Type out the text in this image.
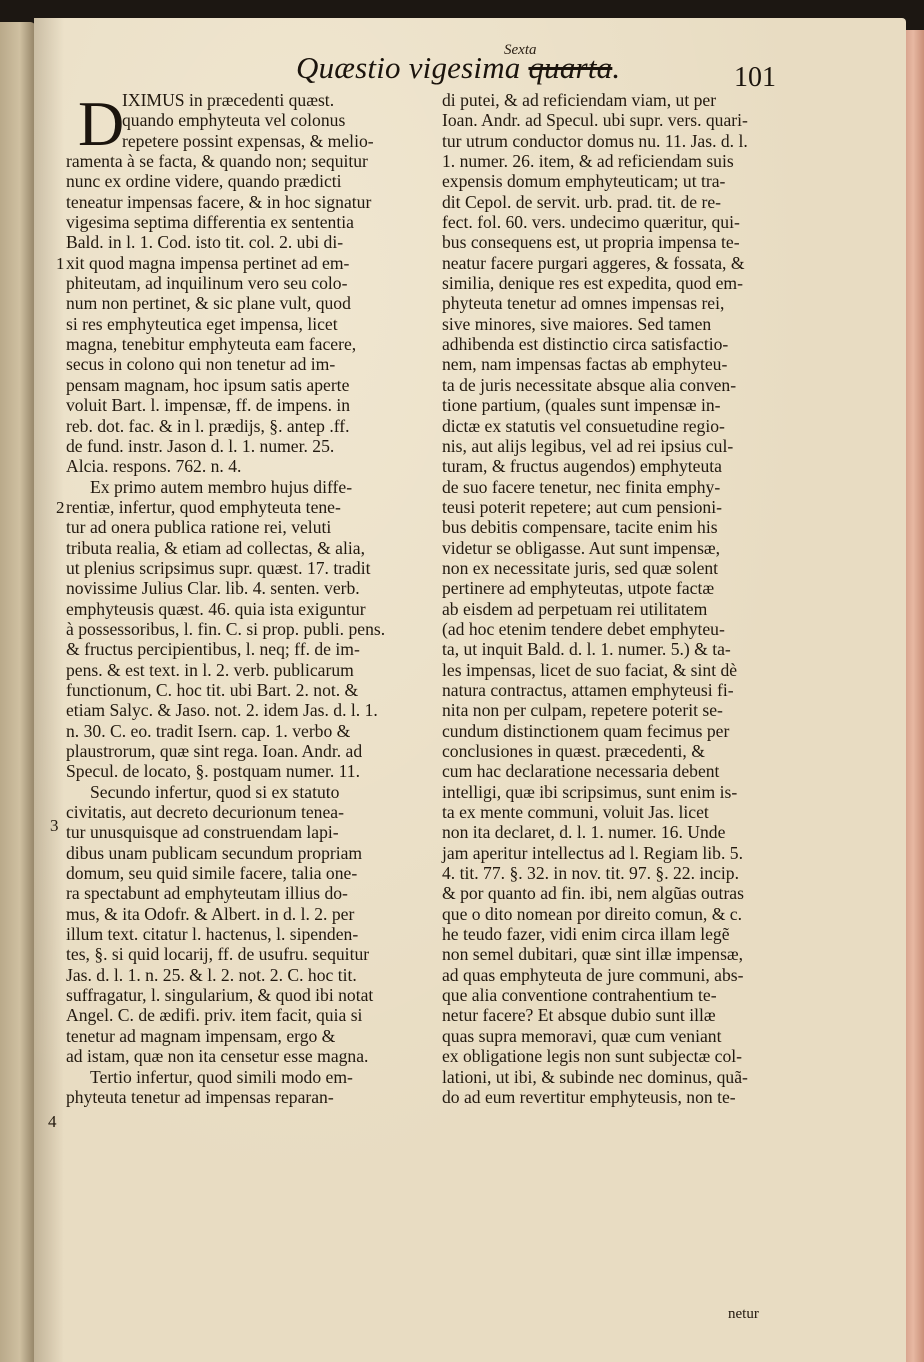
Quæstio vigesima quarta.
Sexta
101
D
1
2
3
4
IXIMUS in præcedenti quæst.
quando emphyteuta vel colonus
repetere possint expensas, & melio-
ramenta à se facta, & quando non; sequitur
nunc ex ordine videre, quando prædicti
teneatur impensas facere, & in hoc signatur
vigesima septima differentia ex sententia
Bald. in l. 1. Cod. isto tit. col. 2. ubi di-
xit quod magna impensa pertinet ad em-
phiteutam, ad inquilinum vero seu colo-
num non pertinet, & sic plane vult, quod
si res emphyteutica eget impensa, licet
magna, tenebitur emphyteuta eam facere,
secus in colono qui non tenetur ad im-
pensam magnam, hoc ipsum satis aperte
voluit Bart. l. impensæ, ff. de impens. in
reb. dot. fac. & in l. prædijs, §. antep .ff.
de fund. instr. Jason d. l. 1. numer. 25.
Alcia. respons. 762. n. 4.
Ex primo autem membro hujus diffe-
rentiæ, infertur, quod emphyteuta tene-
tur ad onera publica ratione rei, veluti
tributa realia, & etiam ad collectas, & alia,
ut plenius scripsimus supr. quæst. 17. tradit
novissime Julius Clar. lib. 4. senten. verb.
emphyteusis quæst. 46. quia ista exiguntur
à possessoribus, l. fin. C. si prop. publi. pens.
& fructus percipientibus, l. neq; ff. de im-
pens. & est text. in l. 2. verb. publicarum
functionum, C. hoc tit. ubi Bart. 2. not. &
etiam Salyc. & Jaso. not. 2. idem Jas. d. l. 1.
n. 30. C. eo. tradit Isern. cap. 1. verbo &
plaustrorum, quæ sint rega. Ioan. Andr. ad
Specul. de locato, §. postquam numer. 11.
Secundo infertur, quod si ex statuto
civitatis, aut decreto decurionum tenea-
tur unusquisque ad construendam lapi-
dibus unam publicam secundum propriam
domum, seu quid simile facere, talia one-
ra spectabunt ad emphyteutam illius do-
mus, & ita Odofr. & Albert. in d. l. 2. per
illum text. citatur l. hactenus, l. sipenden-
tes, §. si quid locarij, ff. de usufru. sequitur
Jas. d. l. 1. n. 25. & l. 2. not. 2. C. hoc tit.
suffragatur, l. singularium, & quod ibi notat
Angel. C. de ædifi. priv. item facit, quia si
tenetur ad magnam impensam, ergo &
ad istam, quæ non ita censetur esse magna.
Tertio infertur, quod simili modo em-
phyteuta tenetur ad impensas reparan-
di putei, & ad reficiendam viam, ut per
Ioan. Andr. ad Specul. ubi supr. vers. quari-
tur utrum conductor domus nu. 11. Jas. d. l.
1. numer. 26. item, & ad reficiendam suis
expensis domum emphyteuticam; ut tra-
dit Cepol. de servit. urb. prad. tit. de re-
fect. fol. 60. vers. undecimo quæritur, qui-
bus consequens est, ut propria impensa te-
neatur facere purgari aggeres, & fossata, &
similia, denique res est expedita, quod em-
phyteuta tenetur ad omnes impensas rei,
sive minores, sive maiores. Sed tamen
adhibenda est distinctio circa satisfactio-
nem, nam impensas factas ab emphyteu-
ta de juris necessitate absque alia conven-
tione partium, (quales sunt impensæ in-
dictæ ex statutis vel consuetudine regio-
nis, aut alijs legibus, vel ad rei ipsius cul-
turam, & fructus augendos) emphyteuta
de suo facere tenetur, nec finita emphy-
teusi poterit repetere; aut cum pensioni-
bus debitis compensare, tacite enim his
videtur se obligasse. Aut sunt impensæ,
non ex necessitate juris, sed quæ solent
pertinere ad emphyteutas, utpote factæ
ab eisdem ad perpetuam rei utilitatem
(ad hoc etenim tendere debet emphyteu-
ta, ut inquit Bald. d. l. 1. numer. 5.) & ta-
les impensas, licet de suo faciat, & sint dè
natura contractus, attamen emphyteusi fi-
nita non per culpam, repetere poterit se-
cundum distinctionem quam fecimus per
conclusiones in quæst. præcedenti, &
cum hac declaratione necessaria debent
intelligi, quæ ibi scripsimus, sunt enim is-
ta ex mente communi, voluit Jas. licet
non ita declaret, d. l. 1. numer. 16. Unde
jam aperitur intellectus ad l. Regiam lib. 5.
4. tit. 77. §. 32. in nov. tit. 97. §. 22. incip.
& por quanto ad fin. ibi, nem algũas outras
que o dito nomean por direito comun, & c.
he teudo fazer, vidi enim circa illam legẽ
non semel dubitari, quæ sint illæ impensæ,
ad quas emphyteuta de jure communi, abs-
que alia conventione contrahentium te-
netur facere? Et absque dubio sunt illæ
quas supra memoravi, quæ cum veniant
ex obligatione legis non sunt subjectæ col-
lationi, ut ibi, & subinde nec dominus, quã-
do ad eum revertitur emphyteusis, non te-
netur
